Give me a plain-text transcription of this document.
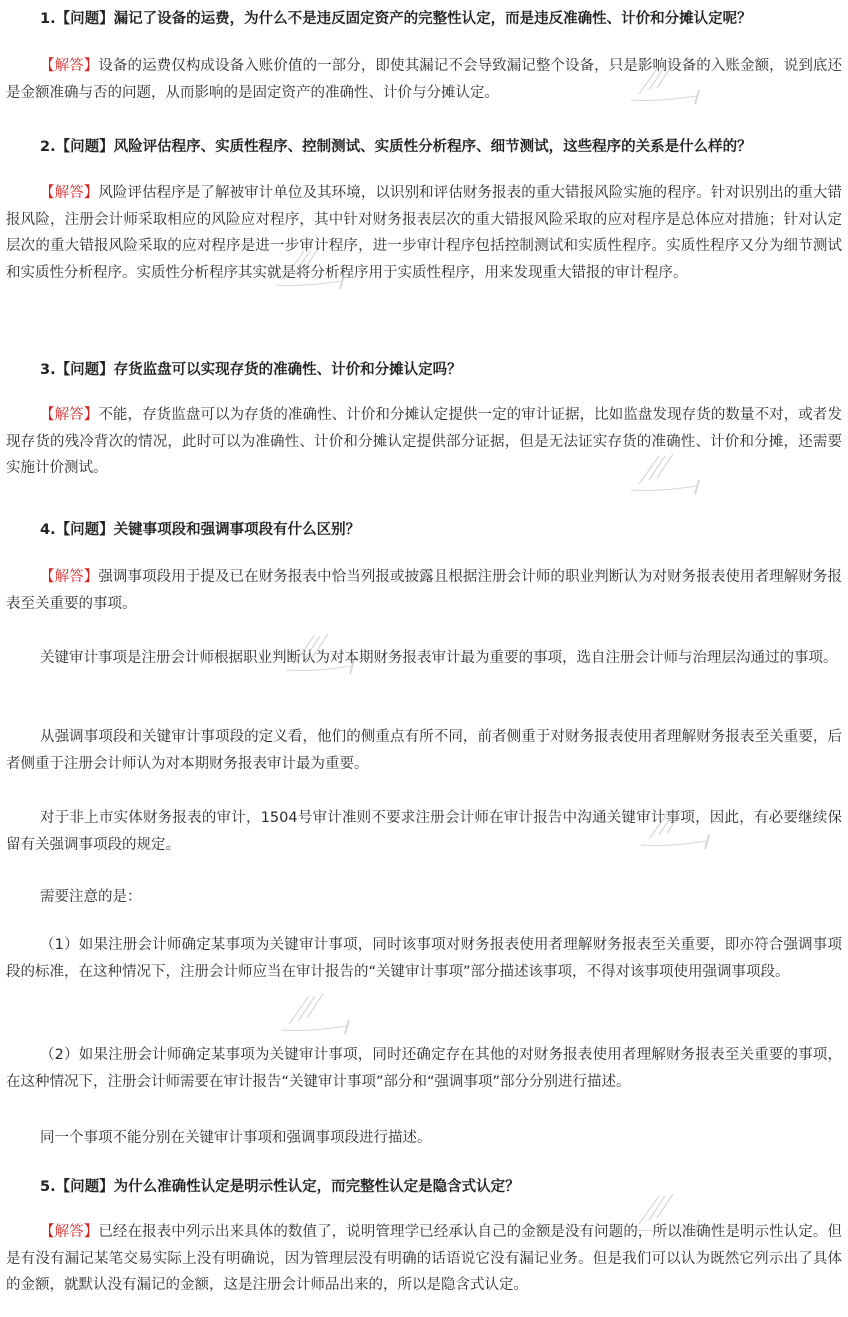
1.【问题】漏记了设备的运费，为什么不是违反固定资产的完整性认定，而是违反准确性、计价和分摊认定呢？
【解答】设备的运费仅构成设备入账价值的一部分，即使其漏记不会导致漏记整个设备，只是影响设备的入账金额，说到底还是金额准确与否的问题，从而影响的是固定资产的准确性、计价与分摊认定。
2.【问题】风险评估程序、实质性程序、控制测试、实质性分析程序、细节测试，这些程序的关系是什么样的？
【解答】风险评估程序是了解被审计单位及其环境，以识别和评估财务报表的重大错报风险实施的程序。针对识别出的重大错报风险，注册会计师采取相应的风险应对程序，其中针对财务报表层次的重大错报风险采取的应对程序是总体应对措施；针对认定层次的重大错报风险采取的应对程序是进一步审计程序，进一步审计程序包括控制测试和实质性程序。实质性程序又分为细节测试和实质性分析程序。实质性分析程序其实就是将分析程序用于实质性程序，用来发现重大错报的审计程序。
3.【问题】存货监盘可以实现存货的准确性、计价和分摊认定吗？
【解答】不能，存货监盘可以为存货的准确性、计价和分摊认定提供一定的审计证据，比如监盘发现存货的数量不对，或者发现存货的残冷背次的情况，此时可以为准确性、计价和分摊认定提供部分证据，但是无法证实存货的准确性、计价和分摊，还需要实施计价测试。
4.【问题】关键事项段和强调事项段有什么区别？
【解答】强调事项段用于提及已在财务报表中恰当列报或披露且根据注册会计师的职业判断认为对财务报表使用者理解财务报表至关重要的事项。
关键审计事项是注册会计师根据职业判断认为对本期财务报表审计最为重要的事项，选自注册会计师与治理层沟通过的事项。
从强调事项段和关键审计事项段的定义看，他们的侧重点有所不同，前者侧重于对财务报表使用者理解财务报表至关重要，后者侧重于注册会计师认为对本期财务报表审计最为重要。
对于非上市实体财务报表的审计，1504号审计准则不要求注册会计师在审计报告中沟通关键审计事项，因此，有必要继续保留有关强调事项段的规定。
需要注意的是：
（1）如果注册会计师确定某事项为关键审计事项，同时该事项对财务报表使用者理解财务报表至关重要，即亦符合强调事项段的标准，在这种情况下，注册会计师应当在审计报告的“关键审计事项”部分描述该事项，不得对该事项使用强调事项段。
（2）如果注册会计师确定某事项为关键审计事项，同时还确定存在其他的对财务报表使用者理解财务报表至关重要的事项，在这种情况下，注册会计师需要在审计报告“关键审计事项”部分和“强调事项”部分分别进行描述。
同一个事项不能分别在关键审计事项和强调事项段进行描述。
5.【问题】为什么准确性认定是明示性认定，而完整性认定是隐含式认定？
【解答】已经在报表中列示出来具体的数值了，说明管理学已经承认自己的金额是没有问题的，所以准确性是明示性认定。但是有没有漏记某笔交易实际上没有明确说，因为管理层没有明确的话语说它没有漏记业务。但是我们可以认为既然它列示出了具体的金额，就默认没有漏记的金额，这是注册会计师品出来的，所以是隐含式认定。
